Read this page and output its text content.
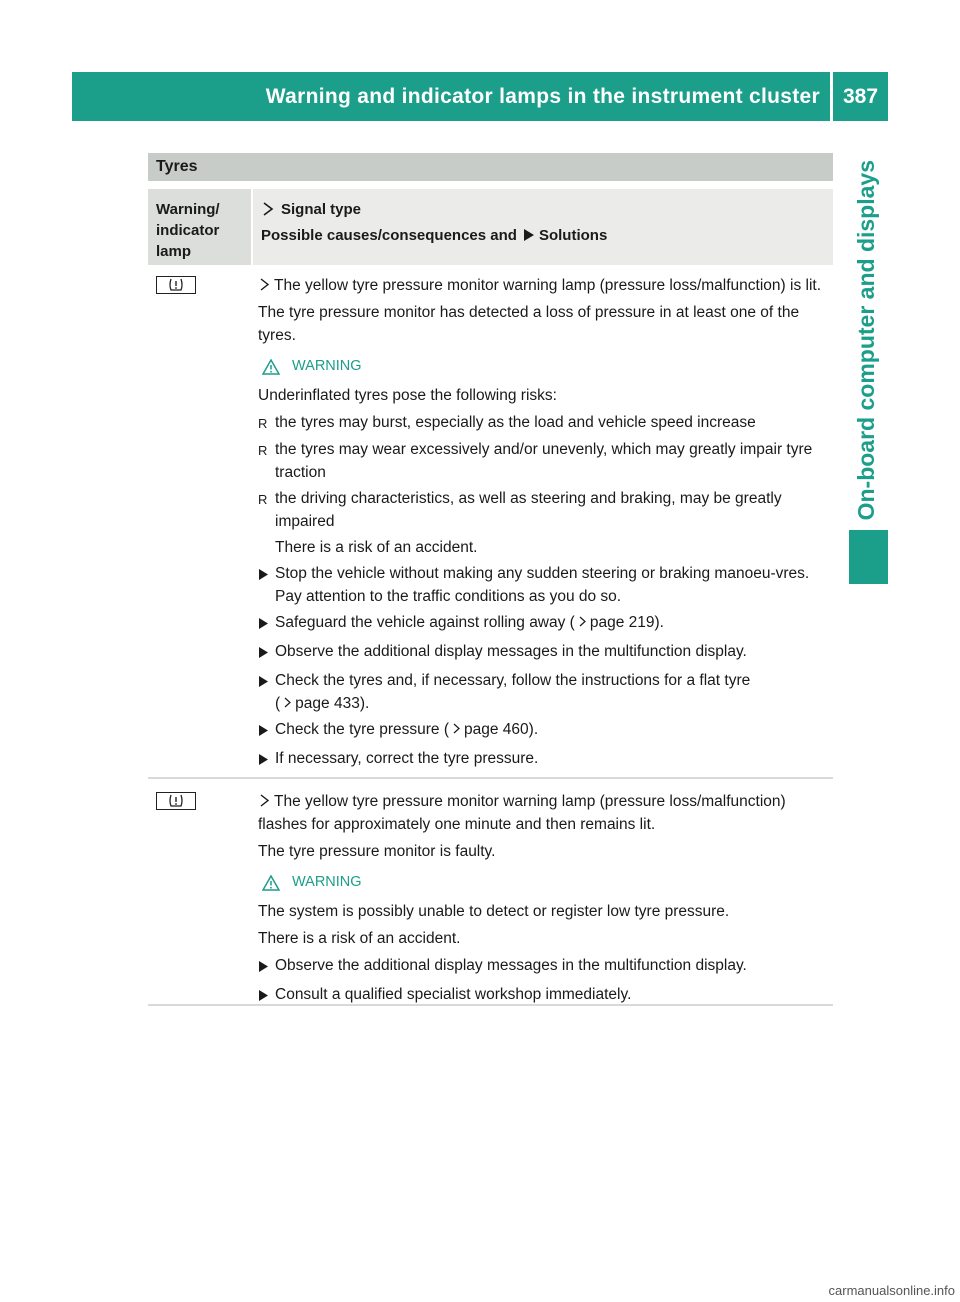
Warning and indicator lamps in the instrument cluster	387
On-board computer and displays
Tyres
Warning/
indicator
lamp
Signal type
Possible causes/consequences and Solutions

The yellow tyre pressure monitor warning lamp (pressure loss/malfunction) is lit.

The tyre pressure monitor has detected a loss of pressure in at least one of the tyres.

WARNING

Underinflated tyres pose the following risks:

R the tyres may burst, especially as the load and vehicle speed increase
R the tyres may wear excessively and/or unevenly, which may greatly impair tyre traction
R the driving characteristics, as well as steering and braking, may be greatly impaired

There is a risk of an accident.

Stop the vehicle without making any sudden steering or braking manoeu-vres. Pay attention to the traffic conditions as you do so.
Safeguard the vehicle against rolling away ( page 219).
Observe the additional display messages in the multifunction display.
Check the tyres and, if necessary, follow the instructions for a flat tyre
( page 433).
Check the tyre pressure ( page 460).
If necessary, correct the tyre pressure.

The yellow tyre pressure monitor warning lamp (pressure loss/malfunction) flashes for approximately one minute and then remains lit.

The tyre pressure monitor is faulty.

WARNING

The system is possibly unable to detect or register low tyre pressure.

There is a risk of an accident.

Observe the additional display messages in the multifunction display.
Consult a qualified specialist workshop immediately.
carmanualsonline.info
